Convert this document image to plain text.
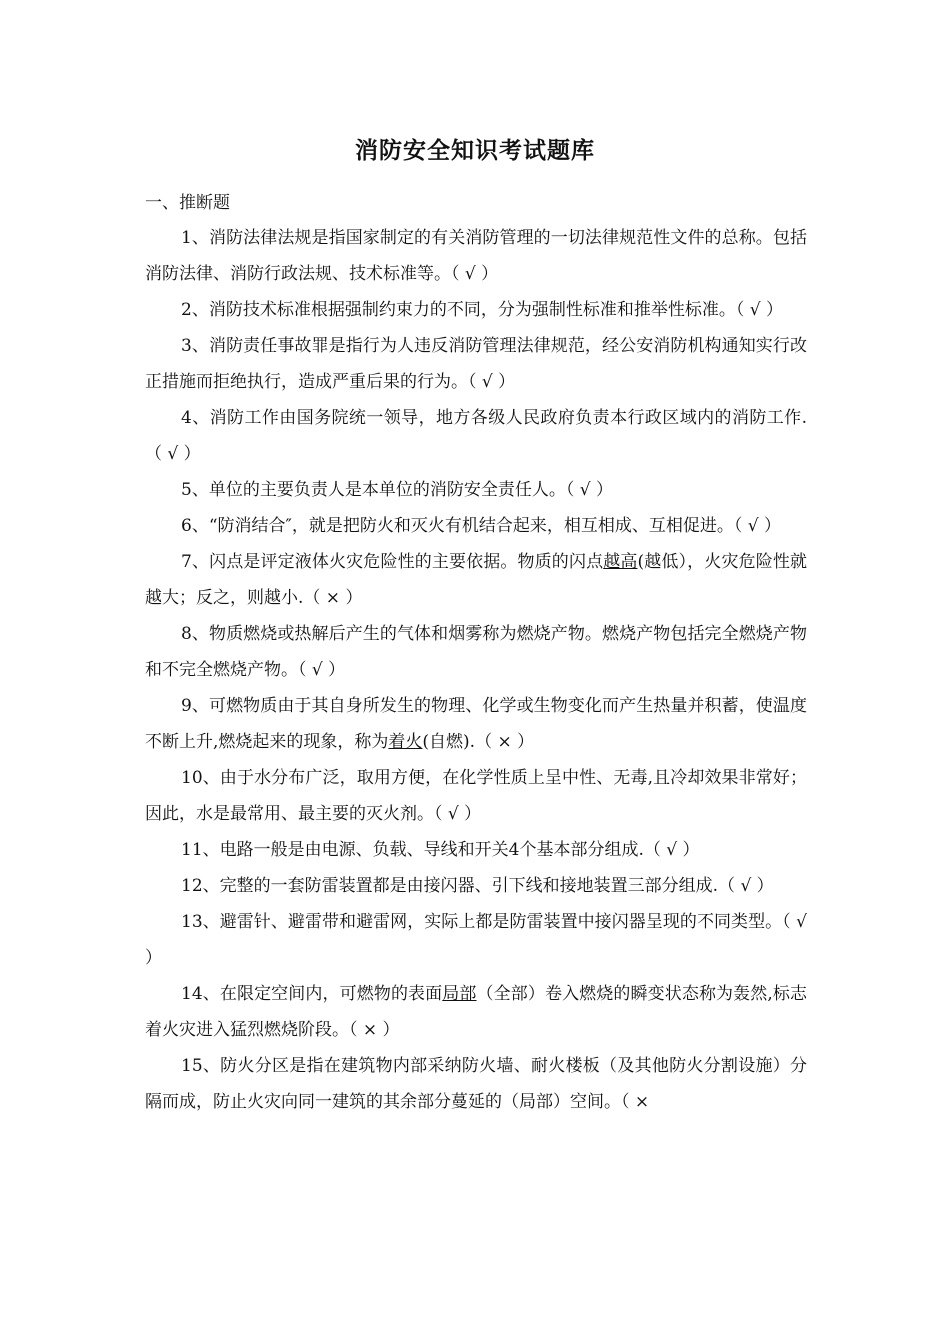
消防安全知识考试题库
一、推断题

1、消防法律法规是指国家制定的有关消防管理的一切法律规范性文件的总称。包括消防法律、消防行政法规、技术标准等。（ √ ）

2、消防技术标准根据强制约束力的不同，分为强制性标准和推举性标准。（ √ ）

3、消防责任事故罪是指行为人违反消防管理法律规范，经公安消防机构通知实行改正措施而拒绝执行，造成严重后果的行为。（ √ ）

4、消防工作由国务院统一领导，地方各级人民政府负责本行政区域内的消防工作.（ √ ）

5、单位的主要负责人是本单位的消防安全责任人。（ √ ）

6、“防消结合″，就是把防火和灭火有机结合起来，相互相成、互相促进。（ √ ）

7、闪点是评定液体火灾危险性的主要依据。物质的闪点越高(越低），火灾危险性就越大；反之，则越小.（ × ）

8、物质燃烧或热解后产生的气体和烟雾称为燃烧产物。燃烧产物包括完全燃烧产物和不完全燃烧产物。（ √ ）

9、可燃物质由于其自身所发生的物理、化学或生物变化而产生热量并积蓄，使温度不断上升,燃烧起来的现象，称为着火(自燃).（ × ）

10、由于水分布广泛，取用方便，在化学性质上呈中性、无毒,且冷却效果非常好；因此，水是最常用、最主要的灭火剂。（ √ ）

11、电路一般是由电源、负载、导线和开关4个基本部分组成.（ √ ）

12、完整的一套防雷装置都是由接闪器、引下线和接地装置三部分组成.（ √ ）

13、避雷针、避雷带和避雷网，实际上都是防雷装置中接闪器呈现的不同类型。（ √ ）

14、在限定空间内，可燃物的表面局部（全部）卷入燃烧的瞬变状态称为轰然,标志着火灾进入猛烈燃烧阶段。（ × ）

15、防火分区是指在建筑物内部采纳防火墙、耐火楼板（及其他防火分割设施）分隔而成，防止火灾向同一建筑的其余部分蔓延的（局部）空间。（ ×
